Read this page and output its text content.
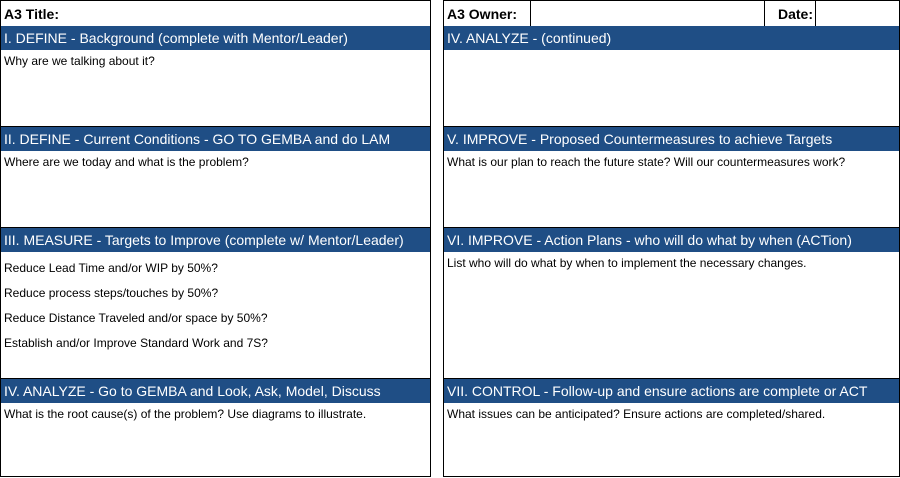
A3 Title:
I. DEFINE - Background (complete with Mentor/Leader)

Why are we talking about it?

II. DEFINE - Current Conditions - GO TO GEMBA and do LAM

Where are we today and what is the problem?

III. MEASURE - Targets to Improve (complete w/ Mentor/Leader)
Reduce Lead Time and/or WIP by 50%?
Reduce process steps/touches by 50%?
Reduce Distance Traveled and/or space by 50%?
Establish and/or Improve Standard Work and 7S?
IV. ANALYZE - Go to GEMBA and Look, Ask, Model, Discuss

What is the root cause(s) of the problem? Use diagrams to illustrate.

A3 Owner:	Date:
IV. ANALYZE - (continued)

V. IMPROVE - Proposed Countermeasures to achieve Targets

What is our plan to reach the future state? Will our countermeasures work?

VI. IMPROVE - Action Plans - who will do what by when (ACTion)

List who will do what by when to implement the necessary changes.

VII. CONTROL - Follow-up and ensure actions are complete or ACT

What issues can be anticipated? Ensure actions are completed/shared.
